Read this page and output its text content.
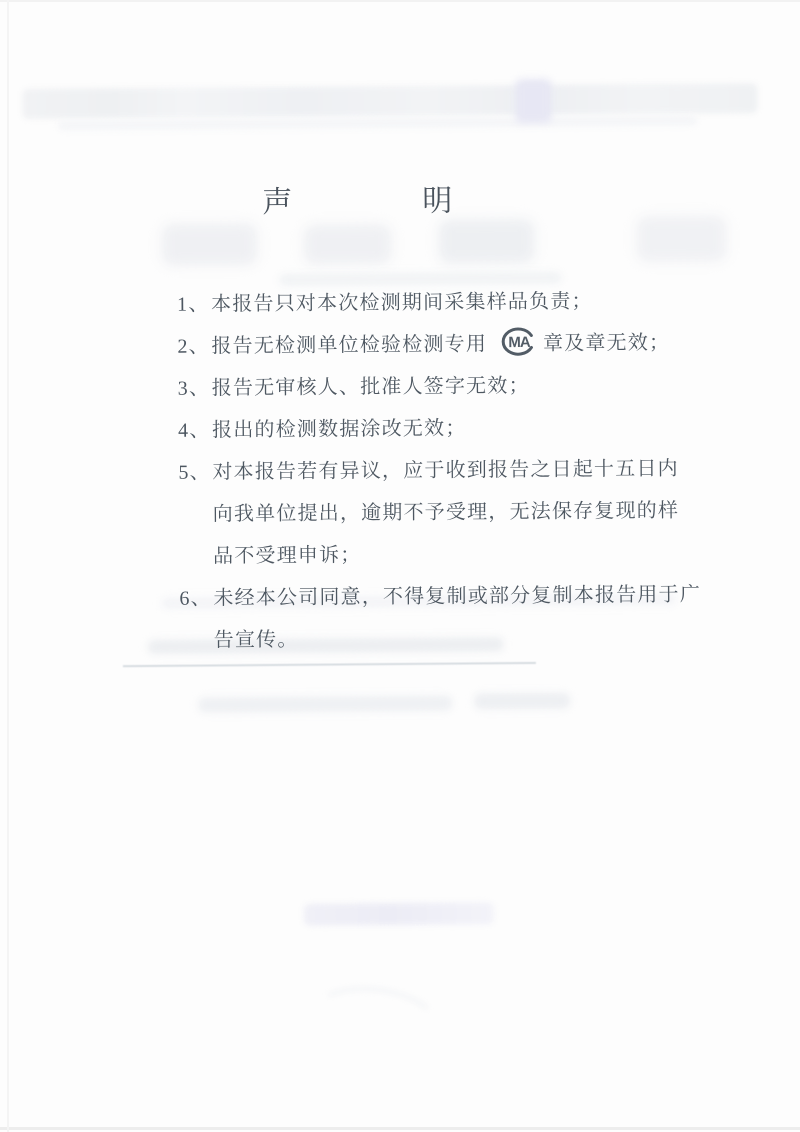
声明
1、 本报告只对本次检测期间采集样品负责；
2、 报告无检测单位检验检测专用 MA 章及章无效；
3、 报告无审核人、批准人签字无效；
4、 报出的检测数据涂改无效；
5、 对本报告若有异议，应于收到报告之日起十五日内
向我单位提出，逾期不予受理，无法保存复现的样
品不受理申诉；
6、 未经本公司同意，不得复制或部分复制本报告用于广
告宣传。
